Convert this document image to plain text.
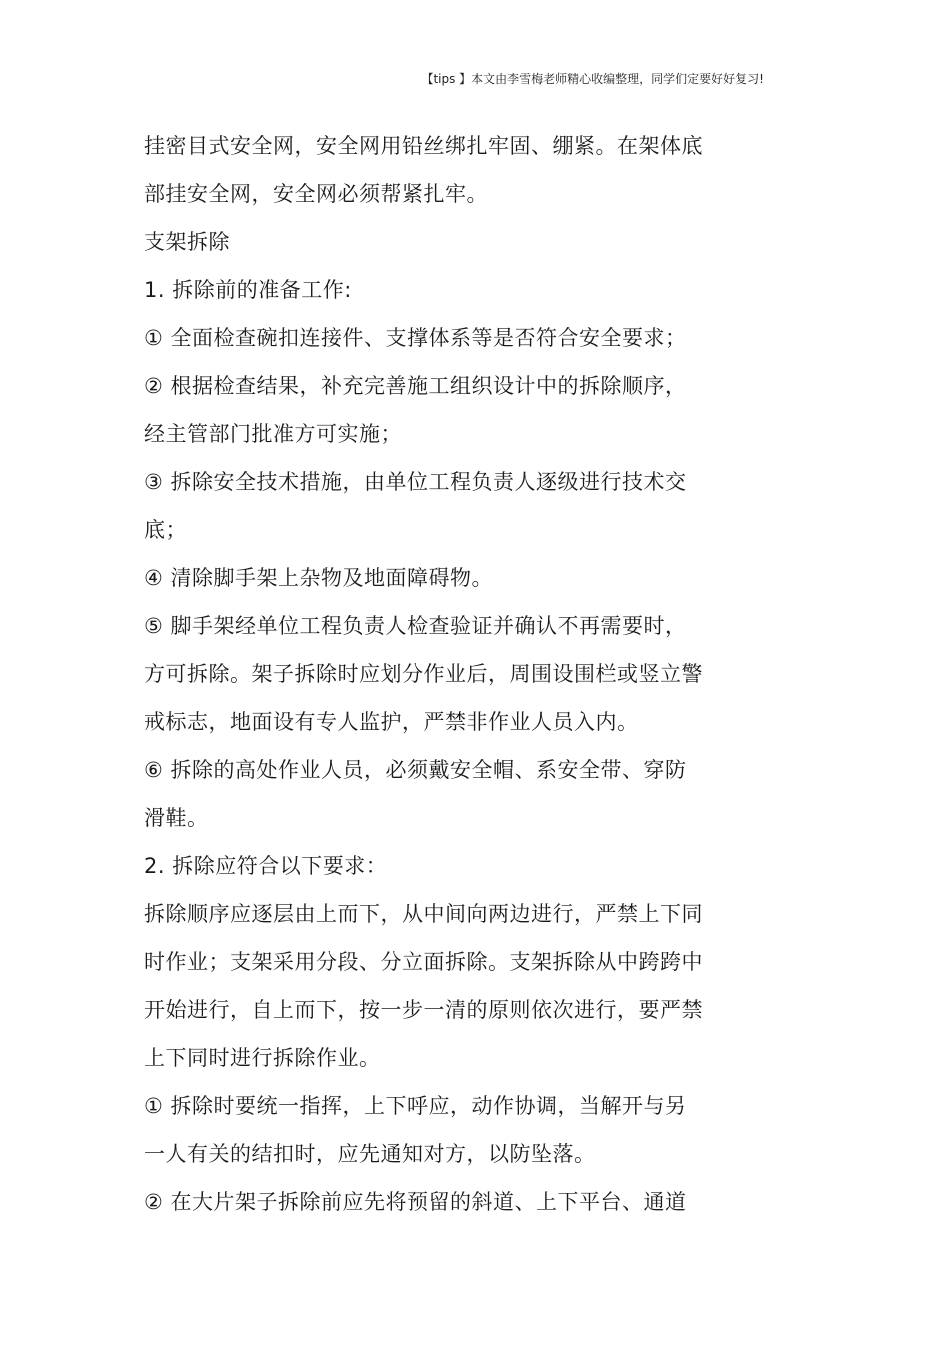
【tips 】本文由李雪梅老师精心收编整理，同学们定要好好复习!
挂密目式安全网，安全网用铅丝绑扎牢固、绷紧。在架体底
部挂安全网，安全网必须帮紧扎牢。
支架拆除
1. 拆除前的准备工作:
① 全面检查碗扣连接件、支撑体系等是否符合安全要求；
② 根据检查结果，补充完善施工组织设计中的拆除顺序，
经主管部门批准方可实施；
③ 拆除安全技术措施，由单位工程负责人逐级进行技术交
底；
④ 清除脚手架上杂物及地面障碍物。
⑤ 脚手架经单位工程负责人检查验证并确认不再需要时，
方可拆除。架子拆除时应划分作业后，周围设围栏或竖立警
戒标志，地面设有专人监护，严禁非作业人员入内。
⑥ 拆除的高处作业人员，必须戴安全帽、系安全带、穿防
滑鞋。
2. 拆除应符合以下要求：
拆除顺序应逐层由上而下，从中间向两边进行，严禁上下同
时作业；支架采用分段、分立面拆除。支架拆除从中跨跨中
开始进行，自上而下，按一步一清的原则依次进行，要严禁
上下同时进行拆除作业。
① 拆除时要统一指挥，上下呼应，动作协调，当解开与另
一人有关的结扣时，应先通知对方，以防坠落。
② 在大片架子拆除前应先将预留的斜道、上下平台、通道
